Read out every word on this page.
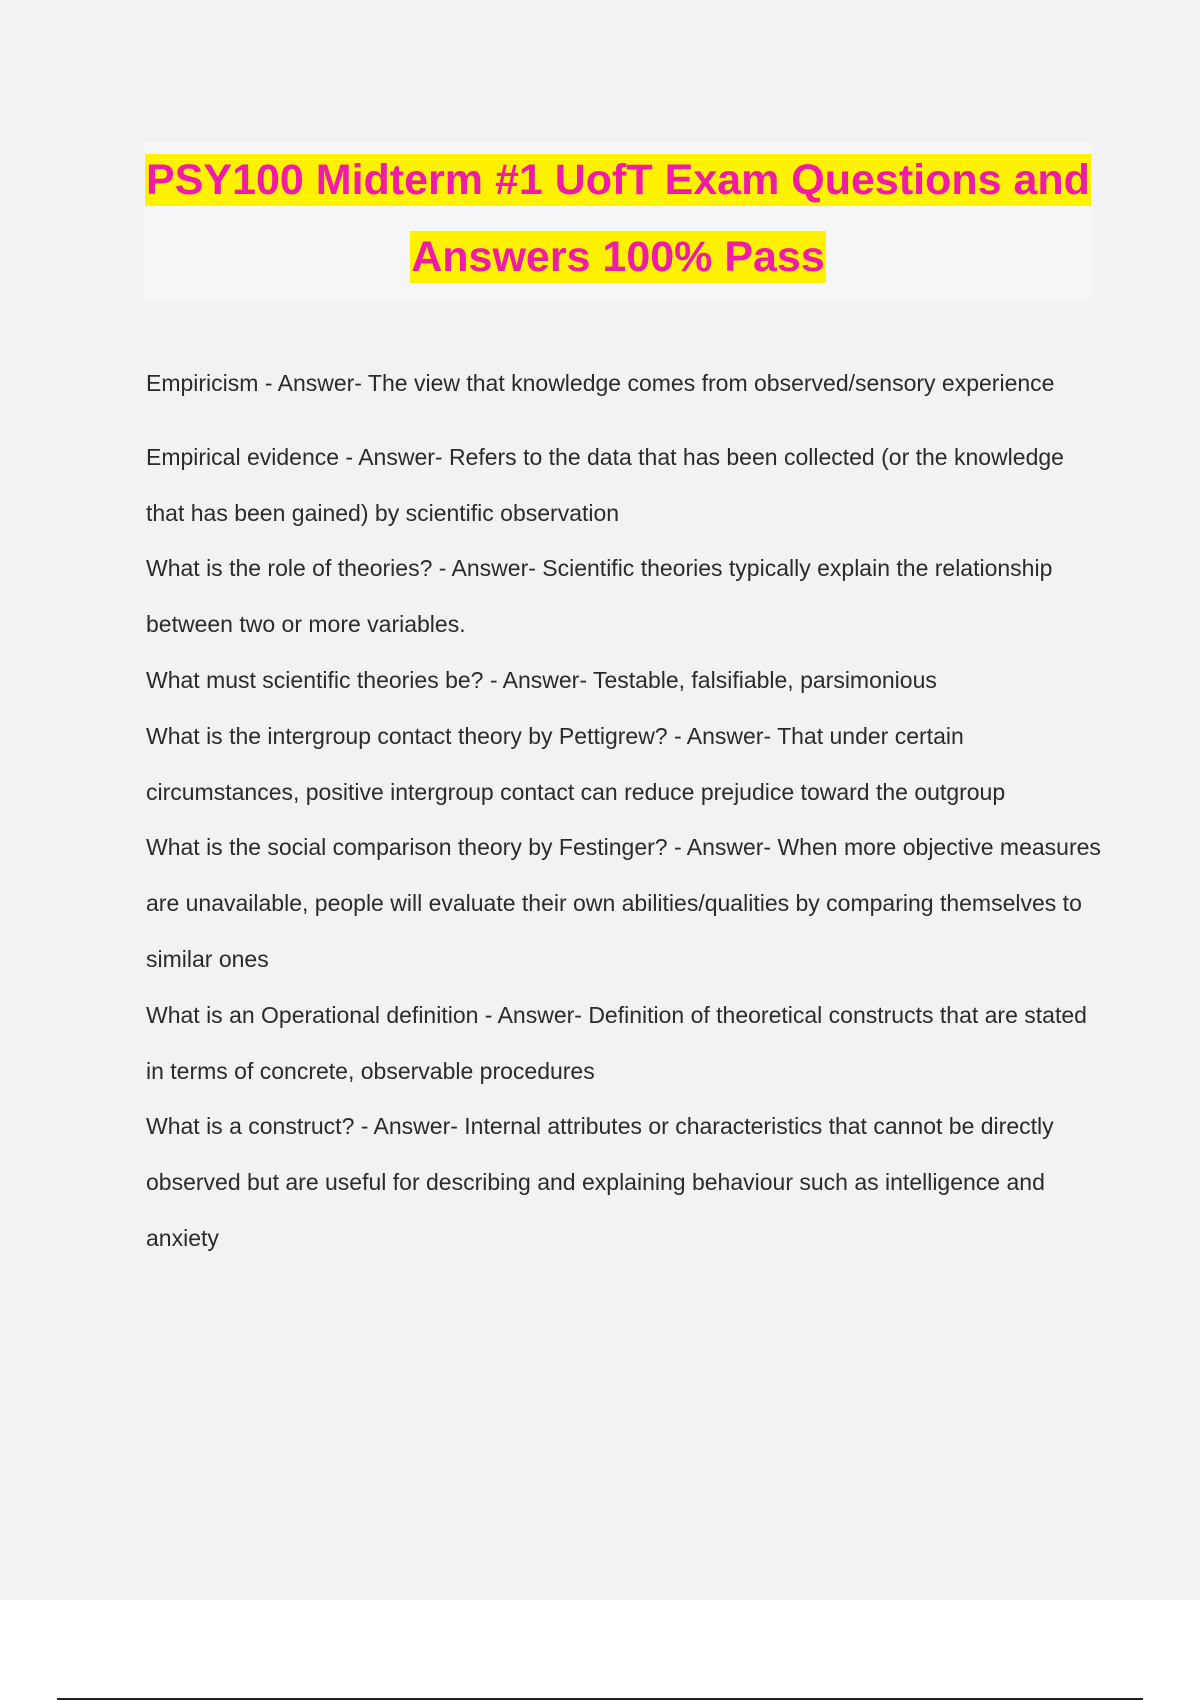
PSY100 Midterm #1 UofT Exam Questions and
Answers 100% Pass

Empiricism - Answer- The view that knowledge comes from observed/sensory experience

Empirical evidence - Answer- Refers to the data that has been collected (or the knowledge that has been gained) by scientific observation

What is the role of theories? - Answer- Scientific theories typically explain the relationship between two or more variables.

What must scientific theories be? - Answer- Testable, falsifiable, parsimonious

What is the intergroup contact theory by Pettigrew? - Answer- That under certain circumstances, positive intergroup contact can reduce prejudice toward the outgroup

What is the social comparison theory by Festinger? - Answer- When more objective measures are unavailable, people will evaluate their own abilities/qualities by comparing themselves to similar ones

What is an Operational definition - Answer- Definition of theoretical constructs that are stated in terms of concrete, observable procedures

What is a construct? - Answer- Internal attributes or characteristics that cannot be directly observed but are useful for describing and explaining behaviour such as intelligence and anxiety
